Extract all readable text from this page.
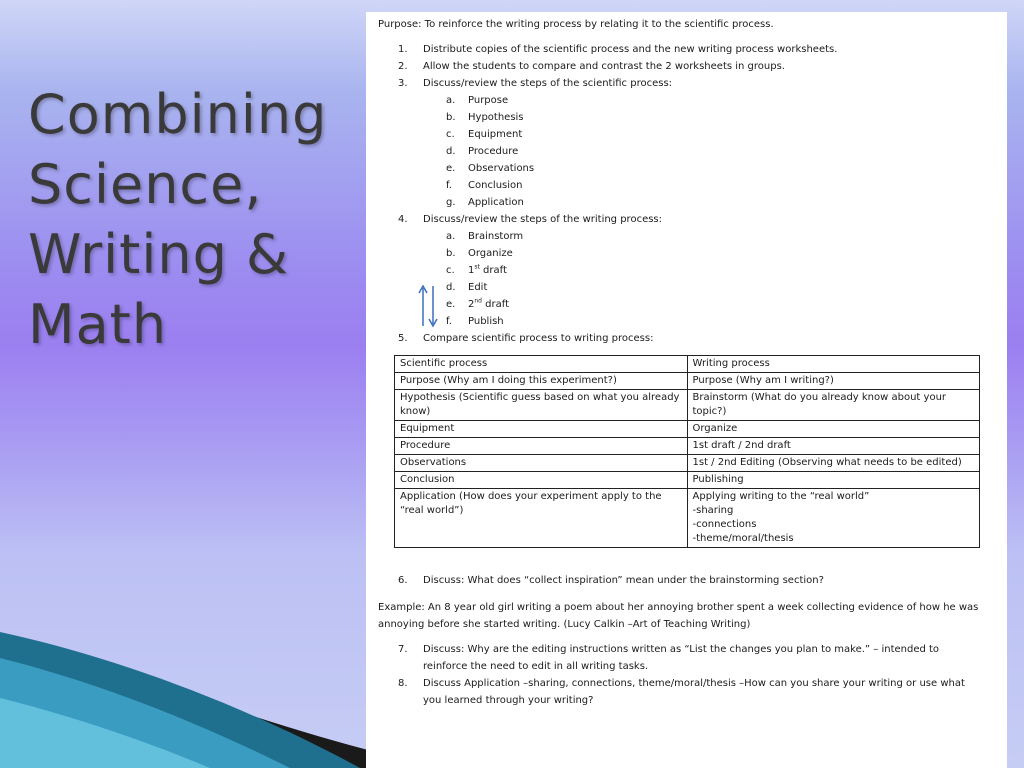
Combining
Science,
Writing &
Math

Purpose: To reinforce the writing process by relating it to the scientific process.

1. Distribute copies of the scientific process and the new writing process worksheets.
2. Allow the students to compare and contrast the 2 worksheets in groups.
3. Discuss/review the steps of the scientific process:
a. Purpose
b. Hypothesis
c. Equipment
d. Procedure
e. Observations
f. Conclusion
g. Application
4. Discuss/review the steps of the writing process:
a. Brainstorm
b. Organize
c. 1st draft
d. Edit
e. 2nd draft
f. Publish
5. Compare scientific process to writing process:
Scientific process	Writing process
Purpose (Why am I doing this experiment?)	Purpose (Why am I writing?)
Hypothesis (Scientific guess based on what you already know)	Brainstorm (What do you already know about your topic?)
Equipment	Organize
Procedure	1st draft / 2nd draft
Observations	1st / 2nd Editing (Observing what needs to be edited)
Conclusion	Publishing
Application (How does your experiment apply to the “real world”)	Applying writing to the “real world”
-sharing
-connections
-theme/moral/thesis
6. Discuss: What does “collect inspiration” mean under the brainstorming section?

Example: An 8 year old girl writing a poem about her annoying brother spent a week collecting evidence of how he was annoying before she started writing. (Lucy Calkin –Art of Teaching Writing)

7. Discuss: Why are the editing instructions written as “List the changes you plan to make.” – intended to reinforce the need to edit in all writing tasks.
8. Discuss Application –sharing, connections, theme/moral/thesis –How can you share your writing or use what you learned through your writing?
